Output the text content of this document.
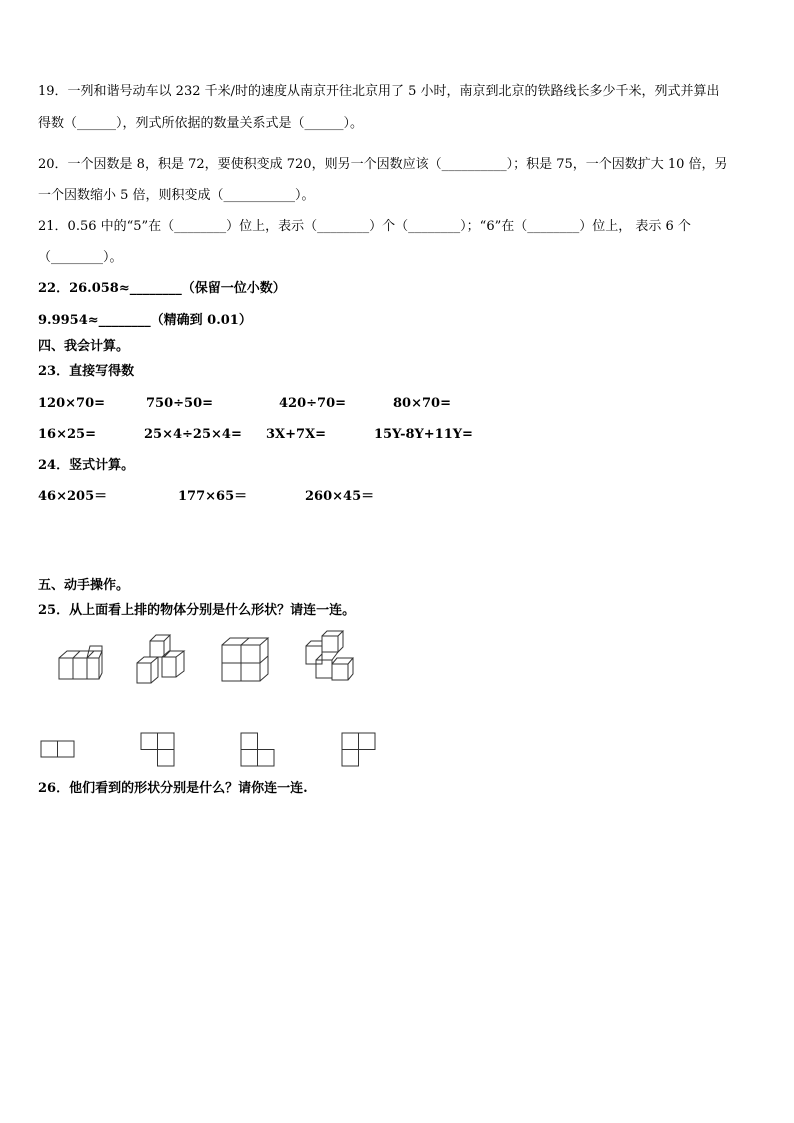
19．一列和谐号动车以 232 千米/时的速度从南京开往北京用了 5 小时，南京到北京的铁路线长多少千米，列式并算出
得数（______），列式所依据的数量关系式是（______）。
20．一个因数是 8，积是 72，要使积变成 720，则另一个因数应该（__________）；积是 75，一个因数扩大 10 倍，另
一个因数缩小 5 倍，则积变成（___________）。
21．0.56 中的“5”在（________）位上，表示（________）个（________）；“6”在（________）位上， 表示 6 个
（________）。
22．26.058≈________（保留一位小数）
9.9954≈________（精确到 0.01）
四、我会计算。
23．直接写得数
120×70=	750÷50=	420÷70=	80×70=
16×25=	25×4÷25×4= 3X+7X=	15Y-8Y+11Y=
24．竖式计算。
46×205＝	177×65＝	260×45＝
五、动手操作。
25．从上面看上排的物体分别是什么形状？请连一连。
26．他们看到的形状分别是什么？请你连一连.
